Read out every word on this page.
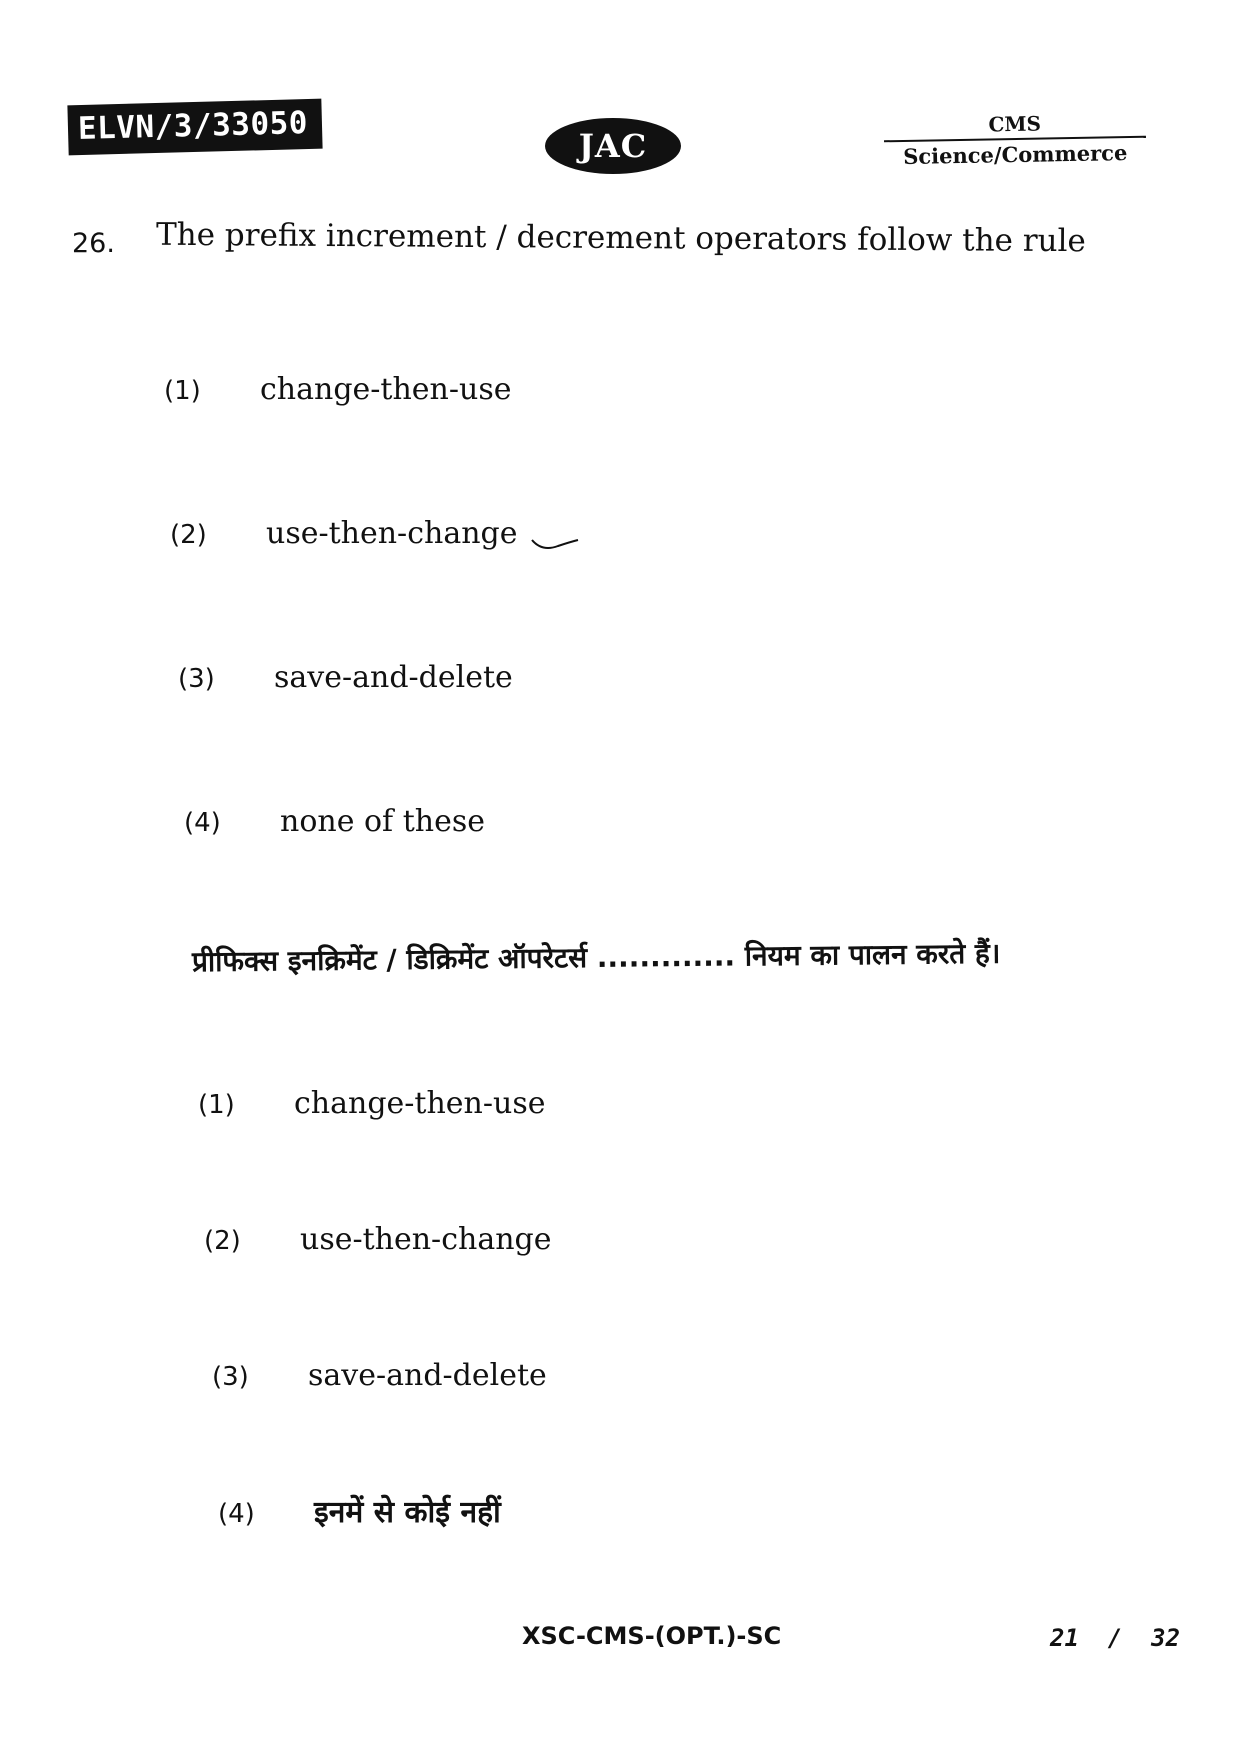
ELVN/3/33050	JAC
CMS
Science/Commerce
26. The prefix increment / decrement operators follow the rule
(1) change-then-use
(2) use-then-change
(3) save-and-delete
(4) none of these
प्रीफिक्स इनक्रिमेंट / डिक्रिमेंट ऑपरेटर्स ............. नियम का पालन करते हैं।
(1) change-then-use
(2) use-then-change
(3) save-and-delete
(4) इनमें से कोई नहीं
XSC-CMS-(OPT.)-SC	21  /  32
